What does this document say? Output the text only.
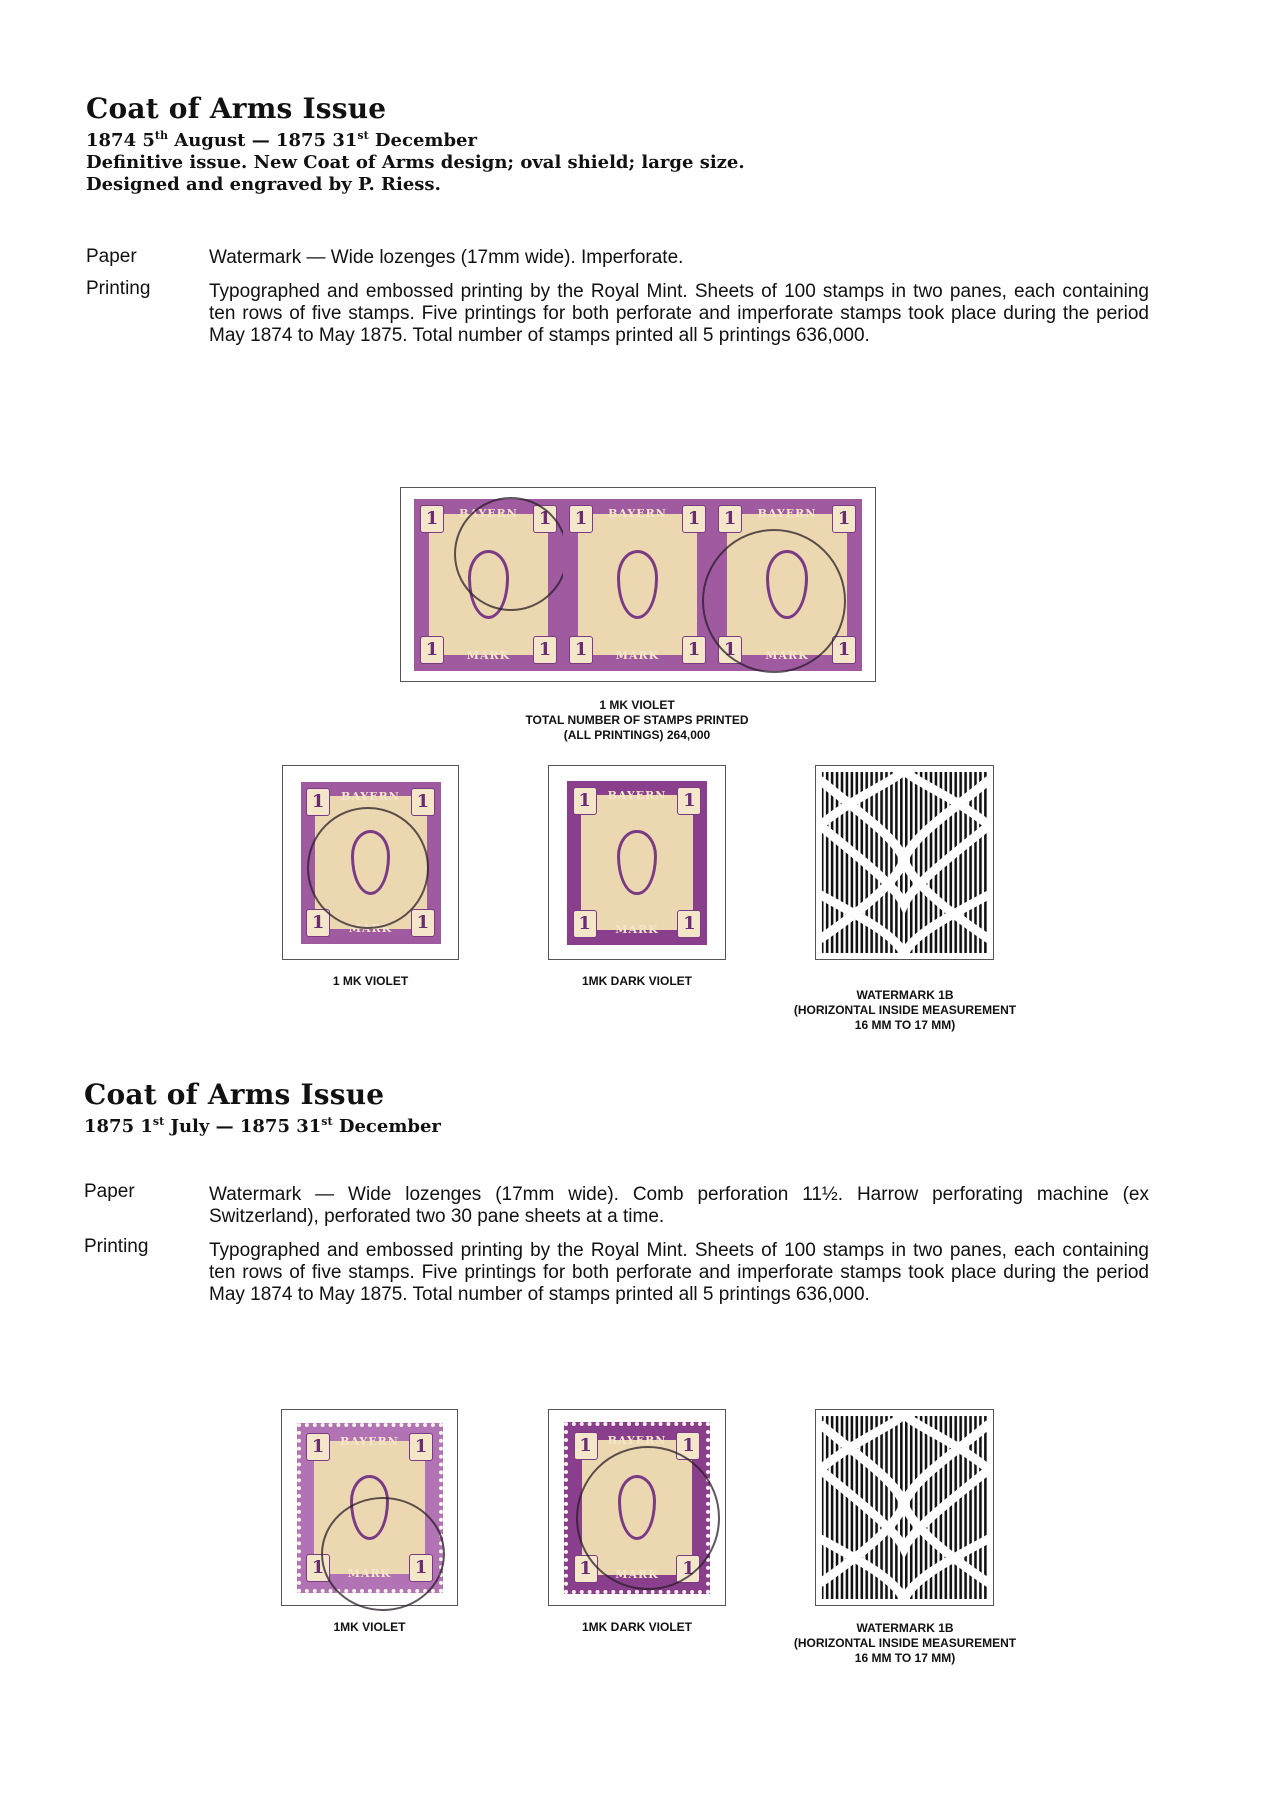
Coat of Arms Issue
1874 5th August — 1875 31st December
Definitive issue. New Coat of Arms design; oval shield; large size.
Designed and engraved by P. Riess.
Paper	Watermark — Wide lozenges (17mm wide). Imperforate.
Printing	Typographed and embossed printing by the Royal Mint. Sheets of 100 stamps in two panes, each containing ten rows of five stamps. Five printings for both perforate and imperforate stamps took place during the period May 1874 to May 1875. Total number of stamps printed all 5 printings 636,000.
BAYERN
1	1
1	1
MARK
BAYERN
1	1
1	1
MARK
BAYERN
1	1
1	1
MARK
1 MK VIOLET
TOTAL NUMBER OF STAMPS PRINTED
(ALL PRINTINGS) 264,000
BAYERN
1	1
1	1
MARK
1 MK VIOLET
BAYERN
1	1
1	1
MARK
1MK DARK VIOLET
WATERMARK 1B
(HORIZONTAL INSIDE MEASUREMENT
16 MM TO 17 MM)
Coat of Arms Issue
1875 1st July — 1875 31st December
Paper	Watermark — Wide lozenges (17mm wide). Comb perforation 11½. Harrow perforating machine (ex Switzerland), perforated two 30 pane sheets at a time.
Printing	Typographed and embossed printing by the Royal Mint. Sheets of 100 stamps in two panes, each containing ten rows of five stamps. Five printings for both perforate and imperforate stamps took place during the period May 1874 to May 1875. Total number of stamps printed all 5 printings 636,000.
BAYERN
1	1
1	1
MARK
1MK VIOLET
BAYERN
1	1
1	1
MARK
1MK DARK VIOLET	WATERMARK 1B
(HORIZONTAL INSIDE MEASUREMENT
16 MM TO 17 MM)
